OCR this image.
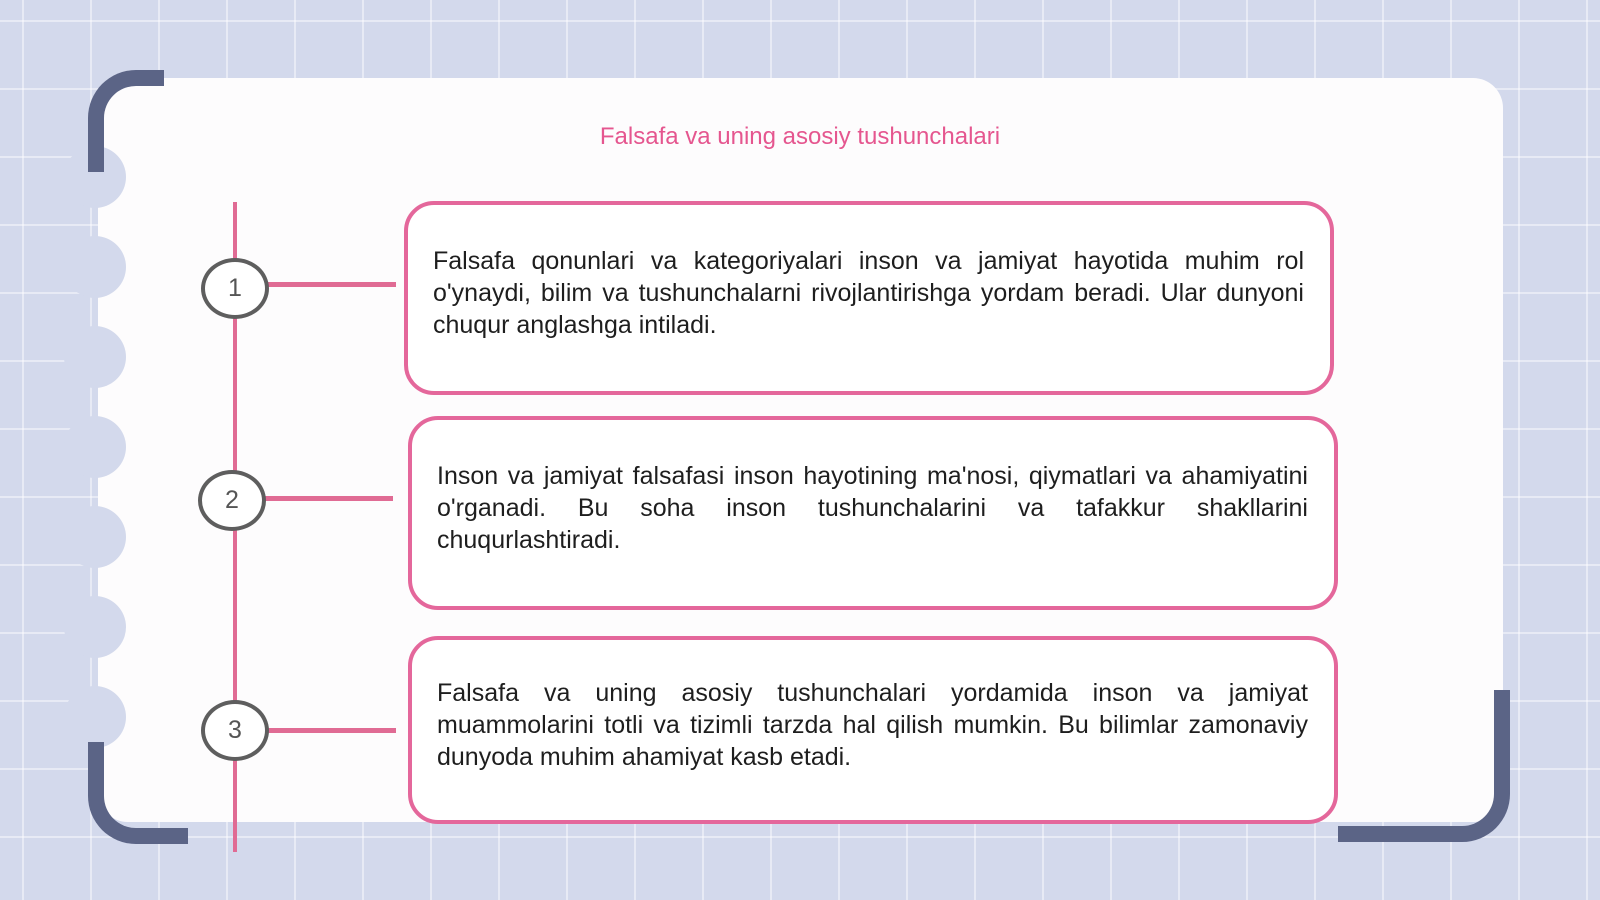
Falsafa va uning asosiy tushunchalari
1
2
3
Falsafa qonunlari va kategoriyalari inson va jamiyat hayotida muhim rol o'ynaydi, bilim va tushunchalarni rivojlantirishga yordam beradi. Ular dunyoni chuqur anglashga intiladi.
Inson va jamiyat falsafasi inson hayotining ma'nosi, qiymatlari va ahamiyatini o'rganadi. Bu soha inson tushunchalarini va tafakkur shakllarini chuqurlashtiradi.
Falsafa va uning asosiy tushunchalari yordamida inson va jamiyat muammolarini totli va tizimli tarzda hal qilish mumkin. Bu bilimlar zamonaviy dunyoda muhim ahamiyat kasb etadi.
